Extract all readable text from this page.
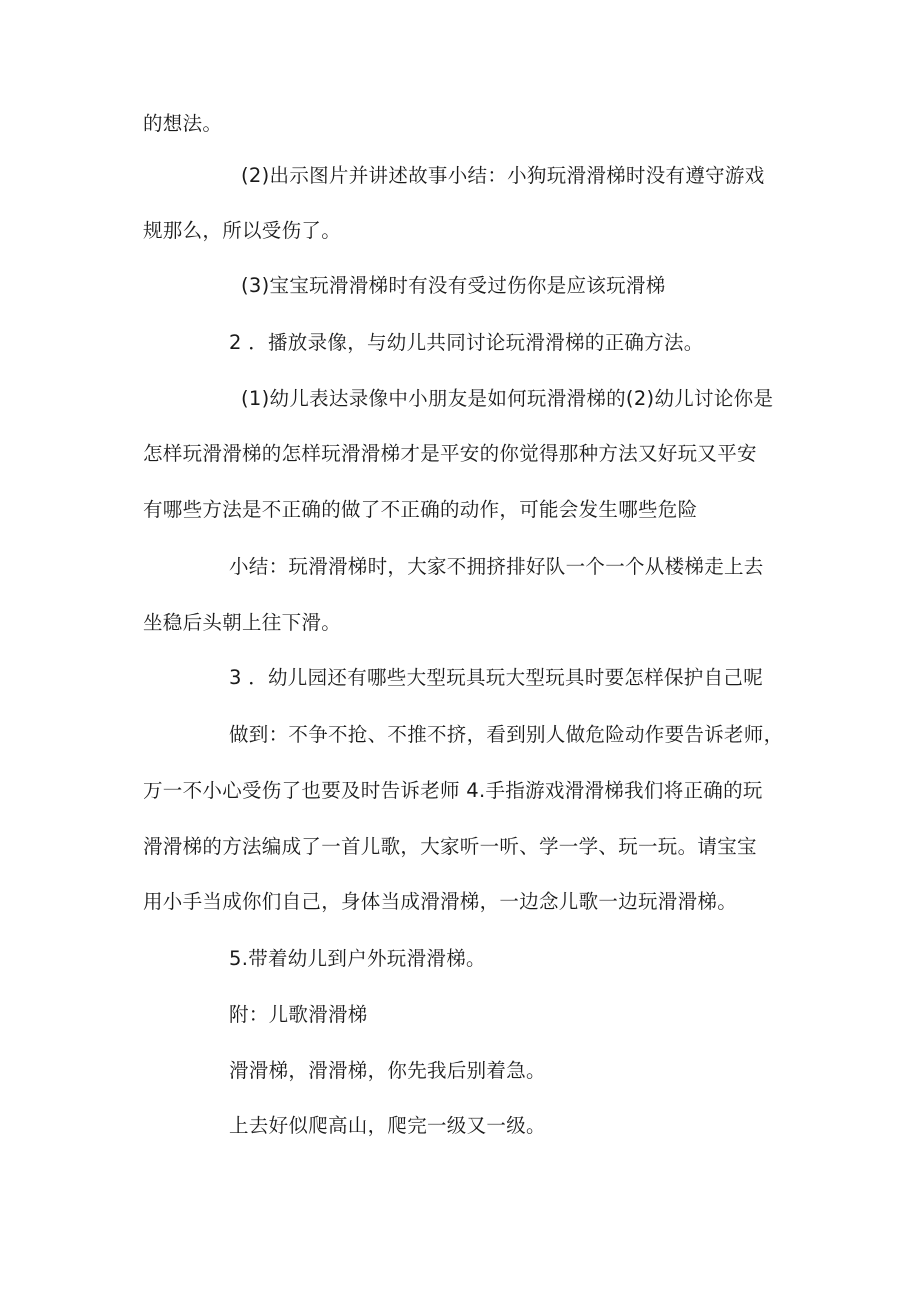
的想法。
(2)出示图片并讲述故事小结：小狗玩滑滑梯时没有遵守游戏
规那么，所以受伤了。
(3)宝宝玩滑滑梯时有没有受过伤你是应该玩滑梯
2 ．播放录像，与幼儿共同讨论玩滑滑梯的正确方法。
(1)幼儿表达录像中小朋友是如何玩滑滑梯的(2)幼儿讨论你是
怎样玩滑滑梯的怎样玩滑滑梯才是平安的你觉得那种方法又好玩又平安
有哪些方法是不正确的做了不正确的动作，可能会发生哪些危险
小结：玩滑滑梯时，大家不拥挤排好队一个一个从楼梯走上去
坐稳后头朝上往下滑。
3 ．幼儿园还有哪些大型玩具玩大型玩具时要怎样保护自己呢
做到：不争不抢、不推不挤，看到别人做危险动作要告诉老师，
万一不小心受伤了也要及时告诉老师 4.手指游戏滑滑梯我们将正确的玩
滑滑梯的方法编成了一首儿歌，大家听一听、学一学、玩一玩。请宝宝
用小手当成你们自己，身体当成滑滑梯，一边念儿歌一边玩滑滑梯。
5.带着幼儿到户外玩滑滑梯。
附：儿歌滑滑梯
滑滑梯，滑滑梯，你先我后别着急。
上去好似爬高山，爬完一级又一级。
